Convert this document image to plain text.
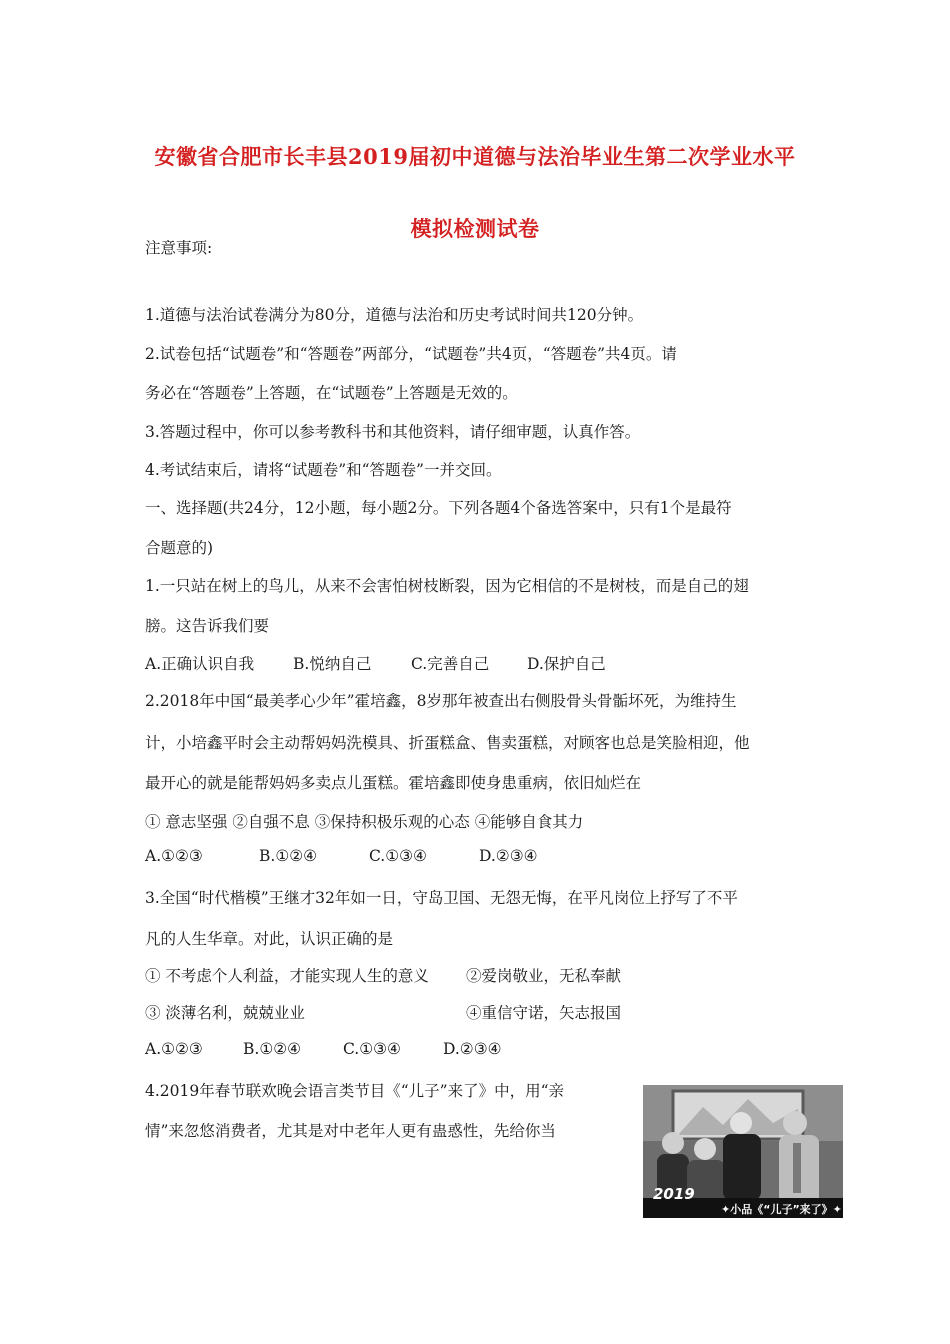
安徽省合肥市长丰县2019届初中道德与法治毕业生第二次学业水平
模拟检测试卷
注意事项:
1.道德与法治试卷满分为80分，道德与法治和历史考试时间共120分钟。
2.试卷包括“试题卷”和“答题卷”两部分，“试题卷”共4页，“答题卷”共4页。请
务必在“答题卷”上答题，在“试题卷”上答题是无效的。
3.答题过程中，你可以参考教科书和其他资料，请仔细审题，认真作答。
4.考试结束后，请将“试题卷”和“答题卷”一并交回。
一、选择题(共24分，12小题，每小题2分。下列各题4个备选答案中，只有1个是最符
合题意的)
1.一只站在树上的鸟儿，从来不会害怕树枝断裂，因为它相信的不是树枝，而是自己的翅
膀。这告诉我们要
A.正确认识自我	B.悦纳自己	C.完善自己 D.保护自己
2.2018年中国“最美孝心少年”霍培鑫，8岁那年被查出右侧股骨头骨骺坏死，为维持生
计，小培鑫平时会主动帮妈妈洗模具、折蛋糕盒、售卖蛋糕，对顾客也总是笑脸相迎，他
最开心的就是能帮妈妈多卖点儿蛋糕。霍培鑫即使身患重病，依旧灿烂在
① 意志坚强 ②自强不息 ③保持积极乐观的心态 ④能够自食其力
A.①②③	B.①②④	C.①③④	D.②③④
3.全国“时代楷模”王继才32年如一日，守岛卫国、无怨无悔，在平凡岗位上抒写了不平
凡的人生华章。对此，认识正确的是
① 不考虑个人利益，才能实现人生的意义 ②爱岗敬业，无私奉献
③ 淡薄名利，兢兢业业	④重信守诺，矢志报国
A.①②③	B.①②④	C.①③④	D.②③④
4.2019年春节联欢晚会语言类节目《“儿子”来了》中，用“亲
情”来忽悠消费者，尤其是对中老年人更有蛊惑性，先给你当
2019
✦小品《“儿子”来了》✦
